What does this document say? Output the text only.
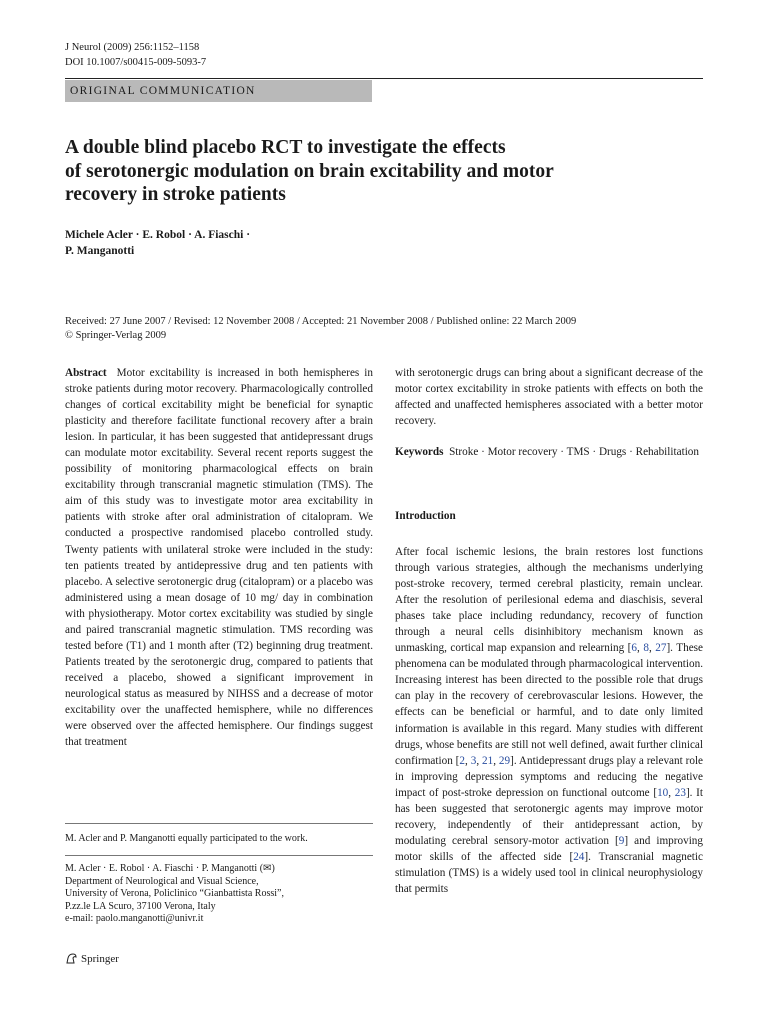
J Neurol (2009) 256:1152–1158
DOI 10.1007/s00415-009-5093-7
ORIGINAL COMMUNICATION
A double blind placebo RCT to investigate the effects
of serotonergic modulation on brain excitability and motor
recovery in stroke patients
Michele Acler · E. Robol · A. Fiaschi ·
P. Manganotti
Received: 27 June 2007 / Revised: 12 November 2008 / Accepted: 21 November 2008 / Published online: 22 March 2009
© Springer-Verlag 2009

Abstract Motor excitability is increased in both hemispheres in stroke patients during motor recovery. Pharmacologically controlled changes of cortical excitability might be beneficial for synaptic plasticity and therefore facilitate functional recovery after a brain lesion. In particular, it has been suggested that antidepressant drugs can modulate motor excitability. Several recent reports suggest the possibility of monitoring pharmacological effects on brain excitability through transcranial magnetic stimulation (TMS). The aim of this study was to investigate motor area excitability in patients with stroke after oral administration of citalopram. We conducted a prospective randomised placebo controlled study. Twenty patients with unilateral stroke were included in the study: ten patients treated by antidepressive drug and ten patients with placebo. A selective serotonergic drug (citalopram) or a placebo was administered using a mean dosage of 10 mg/ day in combination with physiotherapy. Motor cortex excitability was studied by single and paired transcranial magnetic stimulation. TMS recording was tested before (T1) and 1 month after (T2) beginning drug treatment. Patients treated by the serotonergic drug, compared to patients that received a placebo, showed a significant improvement in neurological status as measured by NIHSS and a decrease of motor excitability over the unaffected hemisphere, while no differences were observed over the affected hemisphere. Our findings suggest that treatment

with serotonergic drugs can bring about a significant decrease of the motor cortex excitability in stroke patients with effects on both the affected and unaffected hemispheres associated with a better motor recovery.

Keywords Stroke · Motor recovery · TMS · Drugs · Rehabilitation

Introduction

After focal ischemic lesions, the brain restores lost functions through various strategies, although the mechanisms underlying post-stroke recovery, termed cerebral plasticity, remain unclear. After the resolution of perilesional edema and diaschisis, several phases take place including redundancy, recovery of function through a neural cells disinhibitory mechanism known as unmasking, cortical map expansion and relearning [6, 8, 27]. These phenomena can be modulated through pharmacological intervention. Increasing interest has been directed to the possible role that drugs can play in the recovery of cerebrovascular lesions. However, the effects can be beneficial or harmful, and to date only limited information is available in this regard. Many studies with different drugs, whose benefits are still not well defined, await further clinical confirmation [2, 3, 21, 29]. Antidepressant drugs play a relevant role in improving depression symptoms and reducing the negative impact of post-stroke depression on functional outcome [10, 23]. It has been suggested that serotonergic agents may improve motor recovery, independently of their antidepressant action, by modulating cerebral sensory-motor activation [9] and improving motor skills of the affected side [24]. Transcranial magnetic stimulation (TMS) is a widely used tool in clinical neurophysiology that permits

M. Acler and P. Manganotti equally participated to the work.
M. Acler · E. Robol · A. Fiaschi · P. Manganotti (✉)
Department of Neurological and Visual Science,
University of Verona, Policlinico “Gianbattista Rossi”,
P.zz.le LA Scuro, 37100 Verona, Italy
e-mail: paolo.manganotti@univr.it
Springer
